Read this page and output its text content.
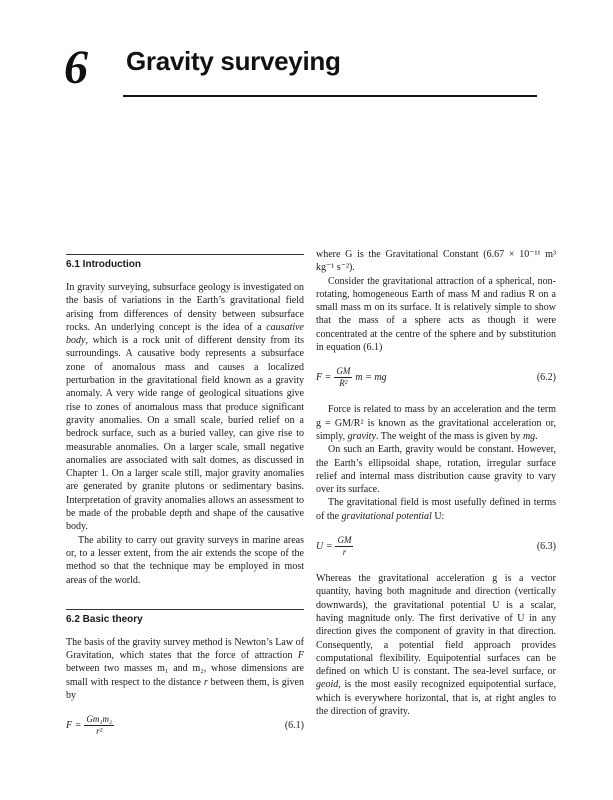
6 Gravity surveying
6.1 Introduction

In gravity surveying, subsurface geology is investigated on the basis of variations in the Earth’s gravitational field arising from differences of density between subsurface rocks. An underlying concept is the idea of a causative body, which is a rock unit of different density from its surroundings. A causative body represents a subsurface zone of anomalous mass and causes a localized perturbation in the gravitational field known as a gravity anomaly. A very wide range of geological situations give rise to zones of anomalous mass that produce significant gravity anomalies. On a small scale, buried relief on a bedrock surface, such as a buried valley, can give rise to measurable anomalies. On a larger scale, small negative anomalies are associated with salt domes, as discussed in Chapter 1. On a larger scale still, major gravity anomalies are generated by granite plutons or sedimentary basins. Interpretation of gravity anomalies allows an assessment to be made of the probable depth and shape of the causative body.

The ability to carry out gravity surveys in marine areas or, to a lesser extent, from the air extends the scope of the method so that the technique may be employed in most areas of the world.

6.2 Basic theory

The basis of the gravity survey method is Newton’s Law of Gravitation, which states that the force of attraction F between two masses m₁ and m₂, whose dimensions are small with respect to the distance r between them, is given by

$F = \frac{\text{Gm₁m₂}}{\text{r²}}$	(6.1)

where G is the Gravitational Constant (6.67 × 10⁻¹¹ m³ kg⁻¹ s⁻²).

Consider the gravitational attraction of a spherical, non-rotating, homogeneous Earth of mass M and radius R on a small mass m on its surface. It is relatively simple to show that the mass of a sphere acts as though it were concentrated at the centre of the sphere and by substitution in equation (6.1)

$F = \frac{GM}{\text{R²}}$ m = mg	(6.2)

Force is related to mass by an acceleration and the term g = GM/R² is known as the gravitational acceleration or, simply, gravity. The weight of the mass is given by mg.

On such an Earth, gravity would be constant. However, the Earth’s ellipsoidal shape, rotation, irregular surface relief and internal mass distribution cause gravity to vary over its surface.

The gravitational field is most usefully defined in terms of the gravitational potential U:

$U = \frac{GM}{r}$	(6.3)

Whereas the gravitational acceleration g is a vector quantity, having both magnitude and direction (vertically downwards), the gravitational potential U is a scalar, having magnitude only. The first derivative of U in any direction gives the component of gravity in that direction. Consequently, a potential field approach provides computational flexibility. Equipotential surfaces can be defined on which U is constant. The sea-level surface, or geoid, is the most easily recognized equipotential surface, which is everywhere horizontal, that is, at right angles to the direction of gravity.
